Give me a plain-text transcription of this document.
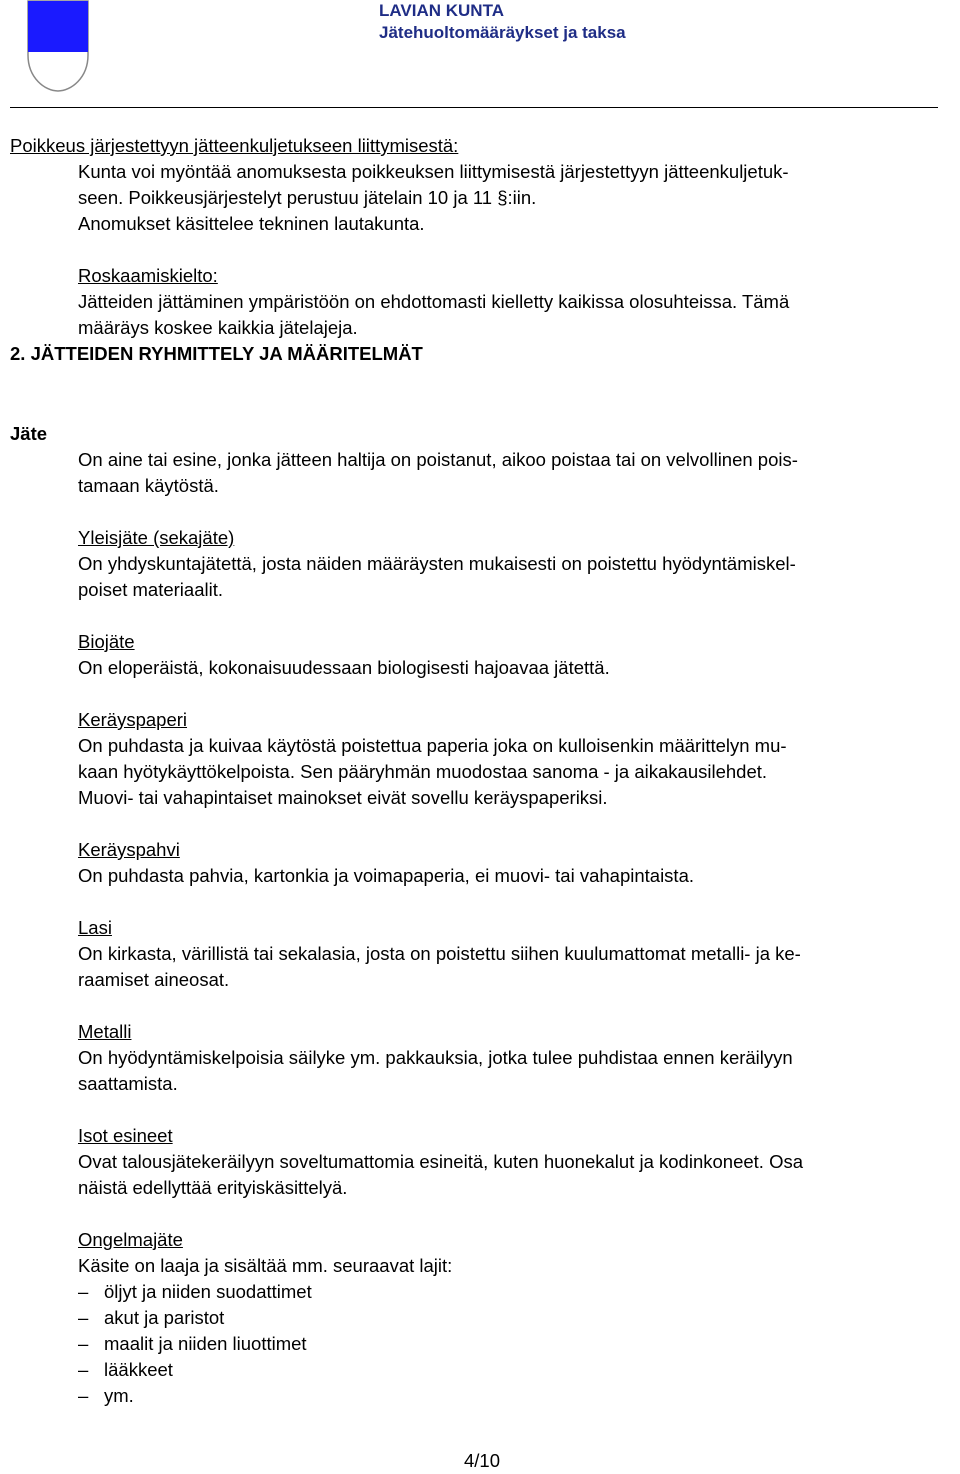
LAVIAN KUNTA
Jätehuoltomääräykset ja taksa
Poikkeus järjestettyyn jätteenkuljetukseen liittymisestä:
Kunta voi myöntää anomuksesta poikkeuksen liittymisestä järjestettyyn jätteenkuljetuk-
seen. Poikkeusjärjestelyt perustuu jätelain 10 ja 11 §:iin.
Anomukset käsittelee tekninen lautakunta.
Roskaamiskielto:
Jätteiden jättäminen ympäristöön on ehdottomasti kielletty kaikissa olosuhteissa. Tämä
määräys koskee kaikkia jätelajeja.
2. JÄTTEIDEN RYHMITTELY JA MÄÄRITELMÄT
Jäte
On aine tai esine, jonka jätteen haltija on poistanut, aikoo poistaa tai on velvollinen pois-
tamaan käytöstä.
Yleisjäte (sekajäte)
On yhdyskuntajätettä, josta näiden määräysten mukaisesti on poistettu hyödyntämiskel-
poiset materiaalit.
Biojäte
On eloperäistä, kokonaisuudessaan biologisesti hajoavaa jätettä.
Keräyspaperi
On puhdasta ja kuivaa käytöstä poistettua paperia joka on kulloisenkin määrittelyn mu-
kaan hyötykäyttökelpoista. Sen pääryhmän muodostaa sanoma - ja aikakausilehdet.
Muovi- tai vahapintaiset mainokset eivät sovellu keräyspaperiksi.
Keräyspahvi
On puhdasta pahvia, kartonkia ja voimapaperia, ei muovi- tai vahapintaista.
Lasi
On kirkasta, värillistä tai sekalasia, josta on poistettu siihen kuulumattomat metalli- ja ke-
raamiset aineosat.
Metalli
On hyödyntämiskelpoisia säilyke ym. pakkauksia, jotka tulee puhdistaa ennen keräilyyn
saattamista.
Isot esineet
Ovat talousjätekeräilyyn soveltumattomia esineitä, kuten huonekalut ja kodinkoneet. Osa
näistä edellyttää erityiskäsittelyä.
Ongelmajäte
Käsite on laaja ja sisältää mm. seuraavat lajit:
– öljyt ja niiden suodattimet
– akut ja paristot
– maalit ja niiden liuottimet
– lääkkeet
– ym.
4/10
